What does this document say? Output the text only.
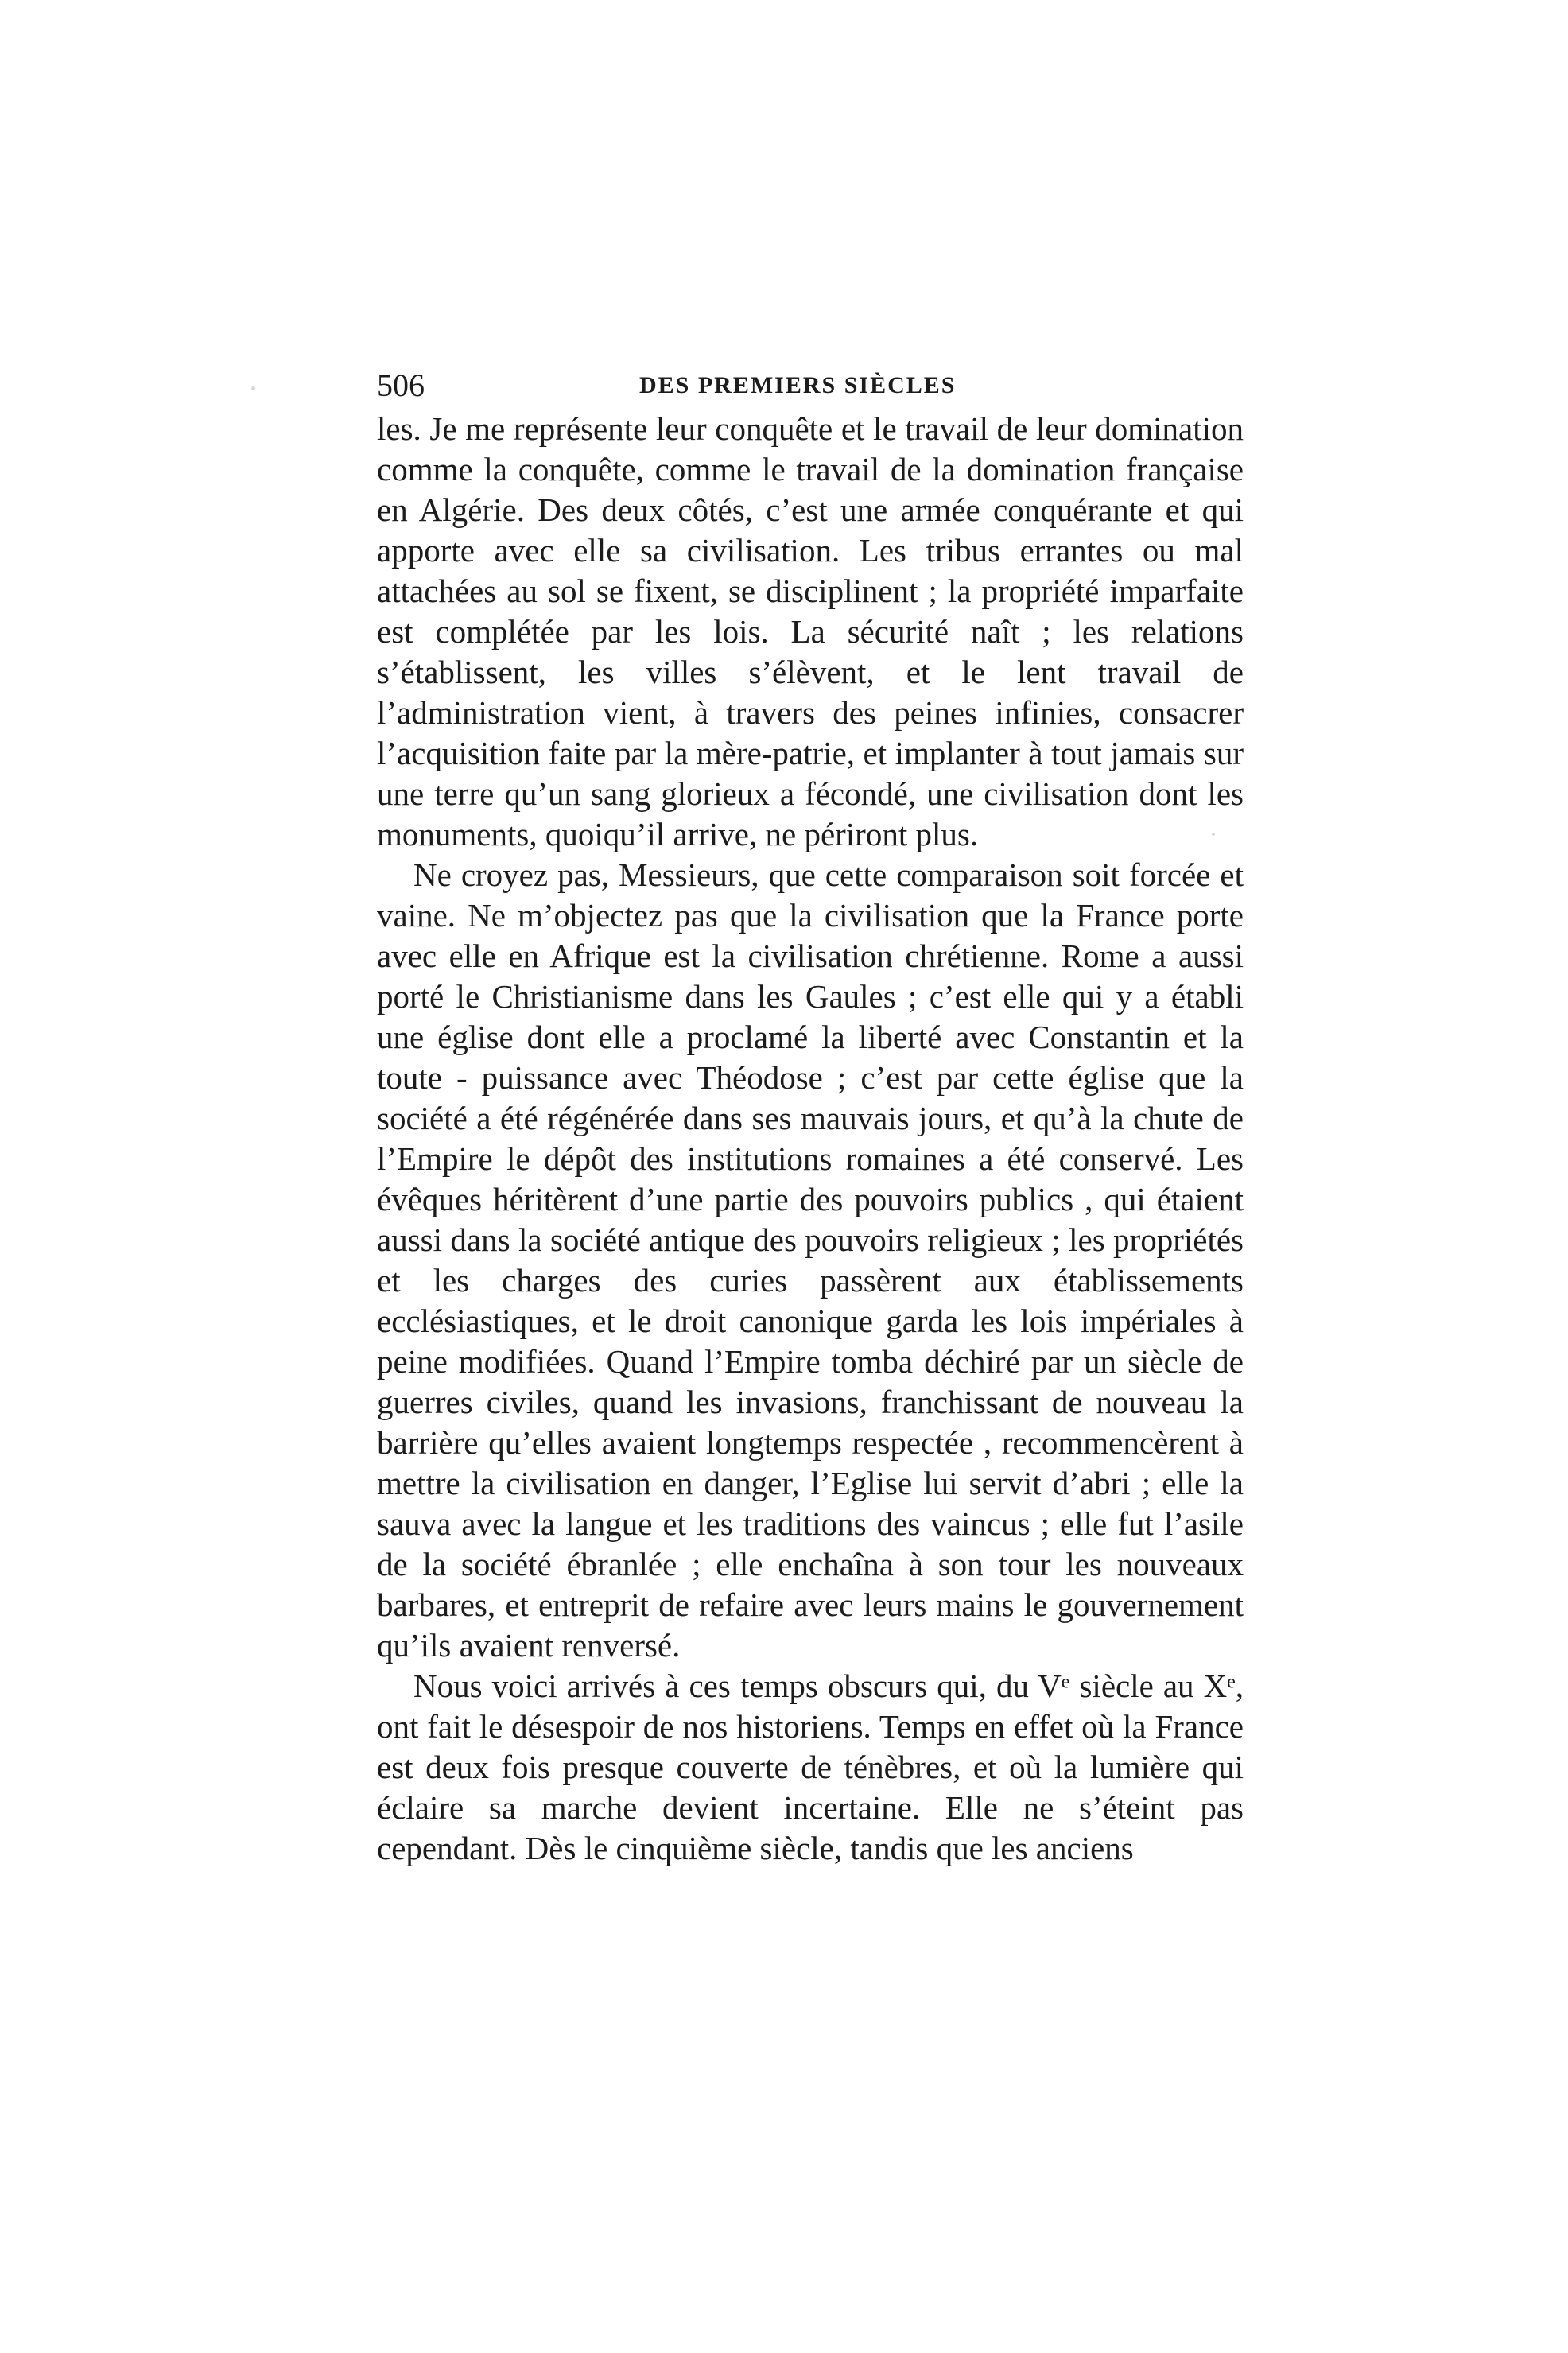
506	DES PREMIERS SIÈCLES

les. Je me représente leur conquête et le travail de leur domination comme la conquête, comme le travail de la domination française en Algérie. Des deux côtés, c’est une armée conquérante et qui apporte avec elle sa civilisation. Les tribus errantes ou mal attachées au sol se fixent, se disciplinent ; la propriété imparfaite est complétée par les lois. La sécurité naît ; les relations s’établissent, les villes s’élèvent, et le lent travail de l’administration vient, à travers des peines infinies, consacrer l’acquisition faite par la mère-patrie, et implanter à tout jamais sur une terre qu’un sang glorieux a fécondé, une civilisation dont les monuments, quoiqu’il arrive, ne périront plus.

Ne croyez pas, Messieurs, que cette comparaison soit forcée et vaine. Ne m’objectez pas que la civilisation que la France porte avec elle en Afrique est la civilisation chrétienne. Rome a aussi porté le Christianisme dans les Gaules ; c’est elle qui y a établi une église dont elle a proclamé la liberté avec Constantin et la toute - puissance avec Théodose ; c’est par cette église que la société a été régénérée dans ses mauvais jours, et qu’à la chute de l’Empire le dépôt des institutions romaines a été conservé. Les évêques héritèrent d’une partie des pouvoirs publics , qui étaient aussi dans la société antique des pouvoirs religieux ; les propriétés et les charges des curies passèrent aux établissements ecclésiastiques, et le droit canonique garda les lois impériales à peine modifiées. Quand l’Empire tomba déchiré par un siècle de guerres civiles, quand les invasions, franchissant de nouveau la barrière qu’elles avaient longtemps respectée , recommencèrent à mettre la civilisation en danger, l’Eglise lui servit d’abri ; elle la sauva avec la langue et les traditions des vaincus ; elle fut l’asile de la société ébranlée ; elle enchaîna à son tour les nouveaux barbares, et entreprit de refaire avec leurs mains le gouvernement qu’ils avaient renversé.

Nous voici arrivés à ces temps obscurs qui, du Vᵉ siècle au Xᵉ, ont fait le désespoir de nos historiens. Temps en effet où la France est deux fois presque couverte de ténèbres, et où la lumière qui éclaire sa marche devient incertaine. Elle ne s’éteint pas cependant. Dès le cinquième siècle, tandis que les anciens
